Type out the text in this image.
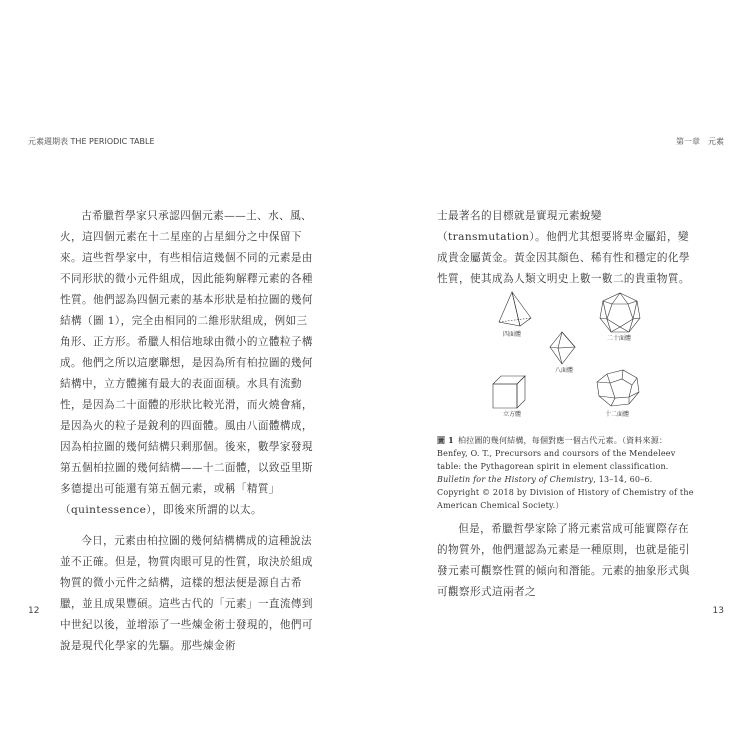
元素週期表 THE PERIODIC TABLE	第一章　元素

古希臘哲學家只承認四個元素——土、水、風、火，這四個元素在十二星座的占星細分之中保留下來。這些哲學家中，有些相信這幾個不同的元素是由不同形狀的微小元件組成，因此能夠解釋元素的各種性質。他們認為四個元素的基本形狀是柏拉圖的幾何結構（圖 1），完全由相同的二維形狀組成，例如三角形、正方形。希臘人相信地球由微小的立體粒子構成。他們之所以這麼聯想，是因為所有柏拉圖的幾何結構中，立方體擁有最大的表面面積。水具有流動性，是因為二十面體的形狀比較光滑，而火燒會痛，是因為火的粒子是銳利的四面體。風由八面體構成，因為柏拉圖的幾何結構只剩那個。後來，數學家發現第五個柏拉圖的幾何結構——十二面體，以致亞里斯多德提出可能還有第五個元素，或稱「精質」（quintessence），即後來所謂的以太。

今日，元素由柏拉圖的幾何結構構成的這種說法並不正確。但是，物質肉眼可見的性質，取決於組成物質的微小元件之結構，這樣的想法便是源自古希臘，並且成果豐碩。這些古代的「元素」一直流傳到中世紀以後，並增添了一些煉金術士發現的，他們可說是現代化學家的先驅。那些煉金術

士最著名的目標就是實現元素蛻變（transmutation）。他們尤其想要將卑金屬鉛，變成貴金屬黃金。黃金因其顏色、稀有性和穩定的化學性質，使其成為人類文明史上數一數二的貴重物質。

四面體
二十面體
八面體
立方體	十二面體
圖 1 柏拉圖的幾何結構，每個對應一個古代元素。（資料來源： Benfey, O. T., Precursors and coursors of the Mendeleev table: the Pythagorean spirit in element classification. Bulletin for the History of Chemistry, 13–14, 60–6. Copyright © 2018 by Division of History of Chemistry of the American Chemical Society.）

但是，希臘哲學家除了將元素當成可能實際存在的物質外，他們還認為元素是一種原則，也就是能引發元素可觀察性質的傾向和潛能。元素的抽象形式與可觀察形式這兩者之

12	13
